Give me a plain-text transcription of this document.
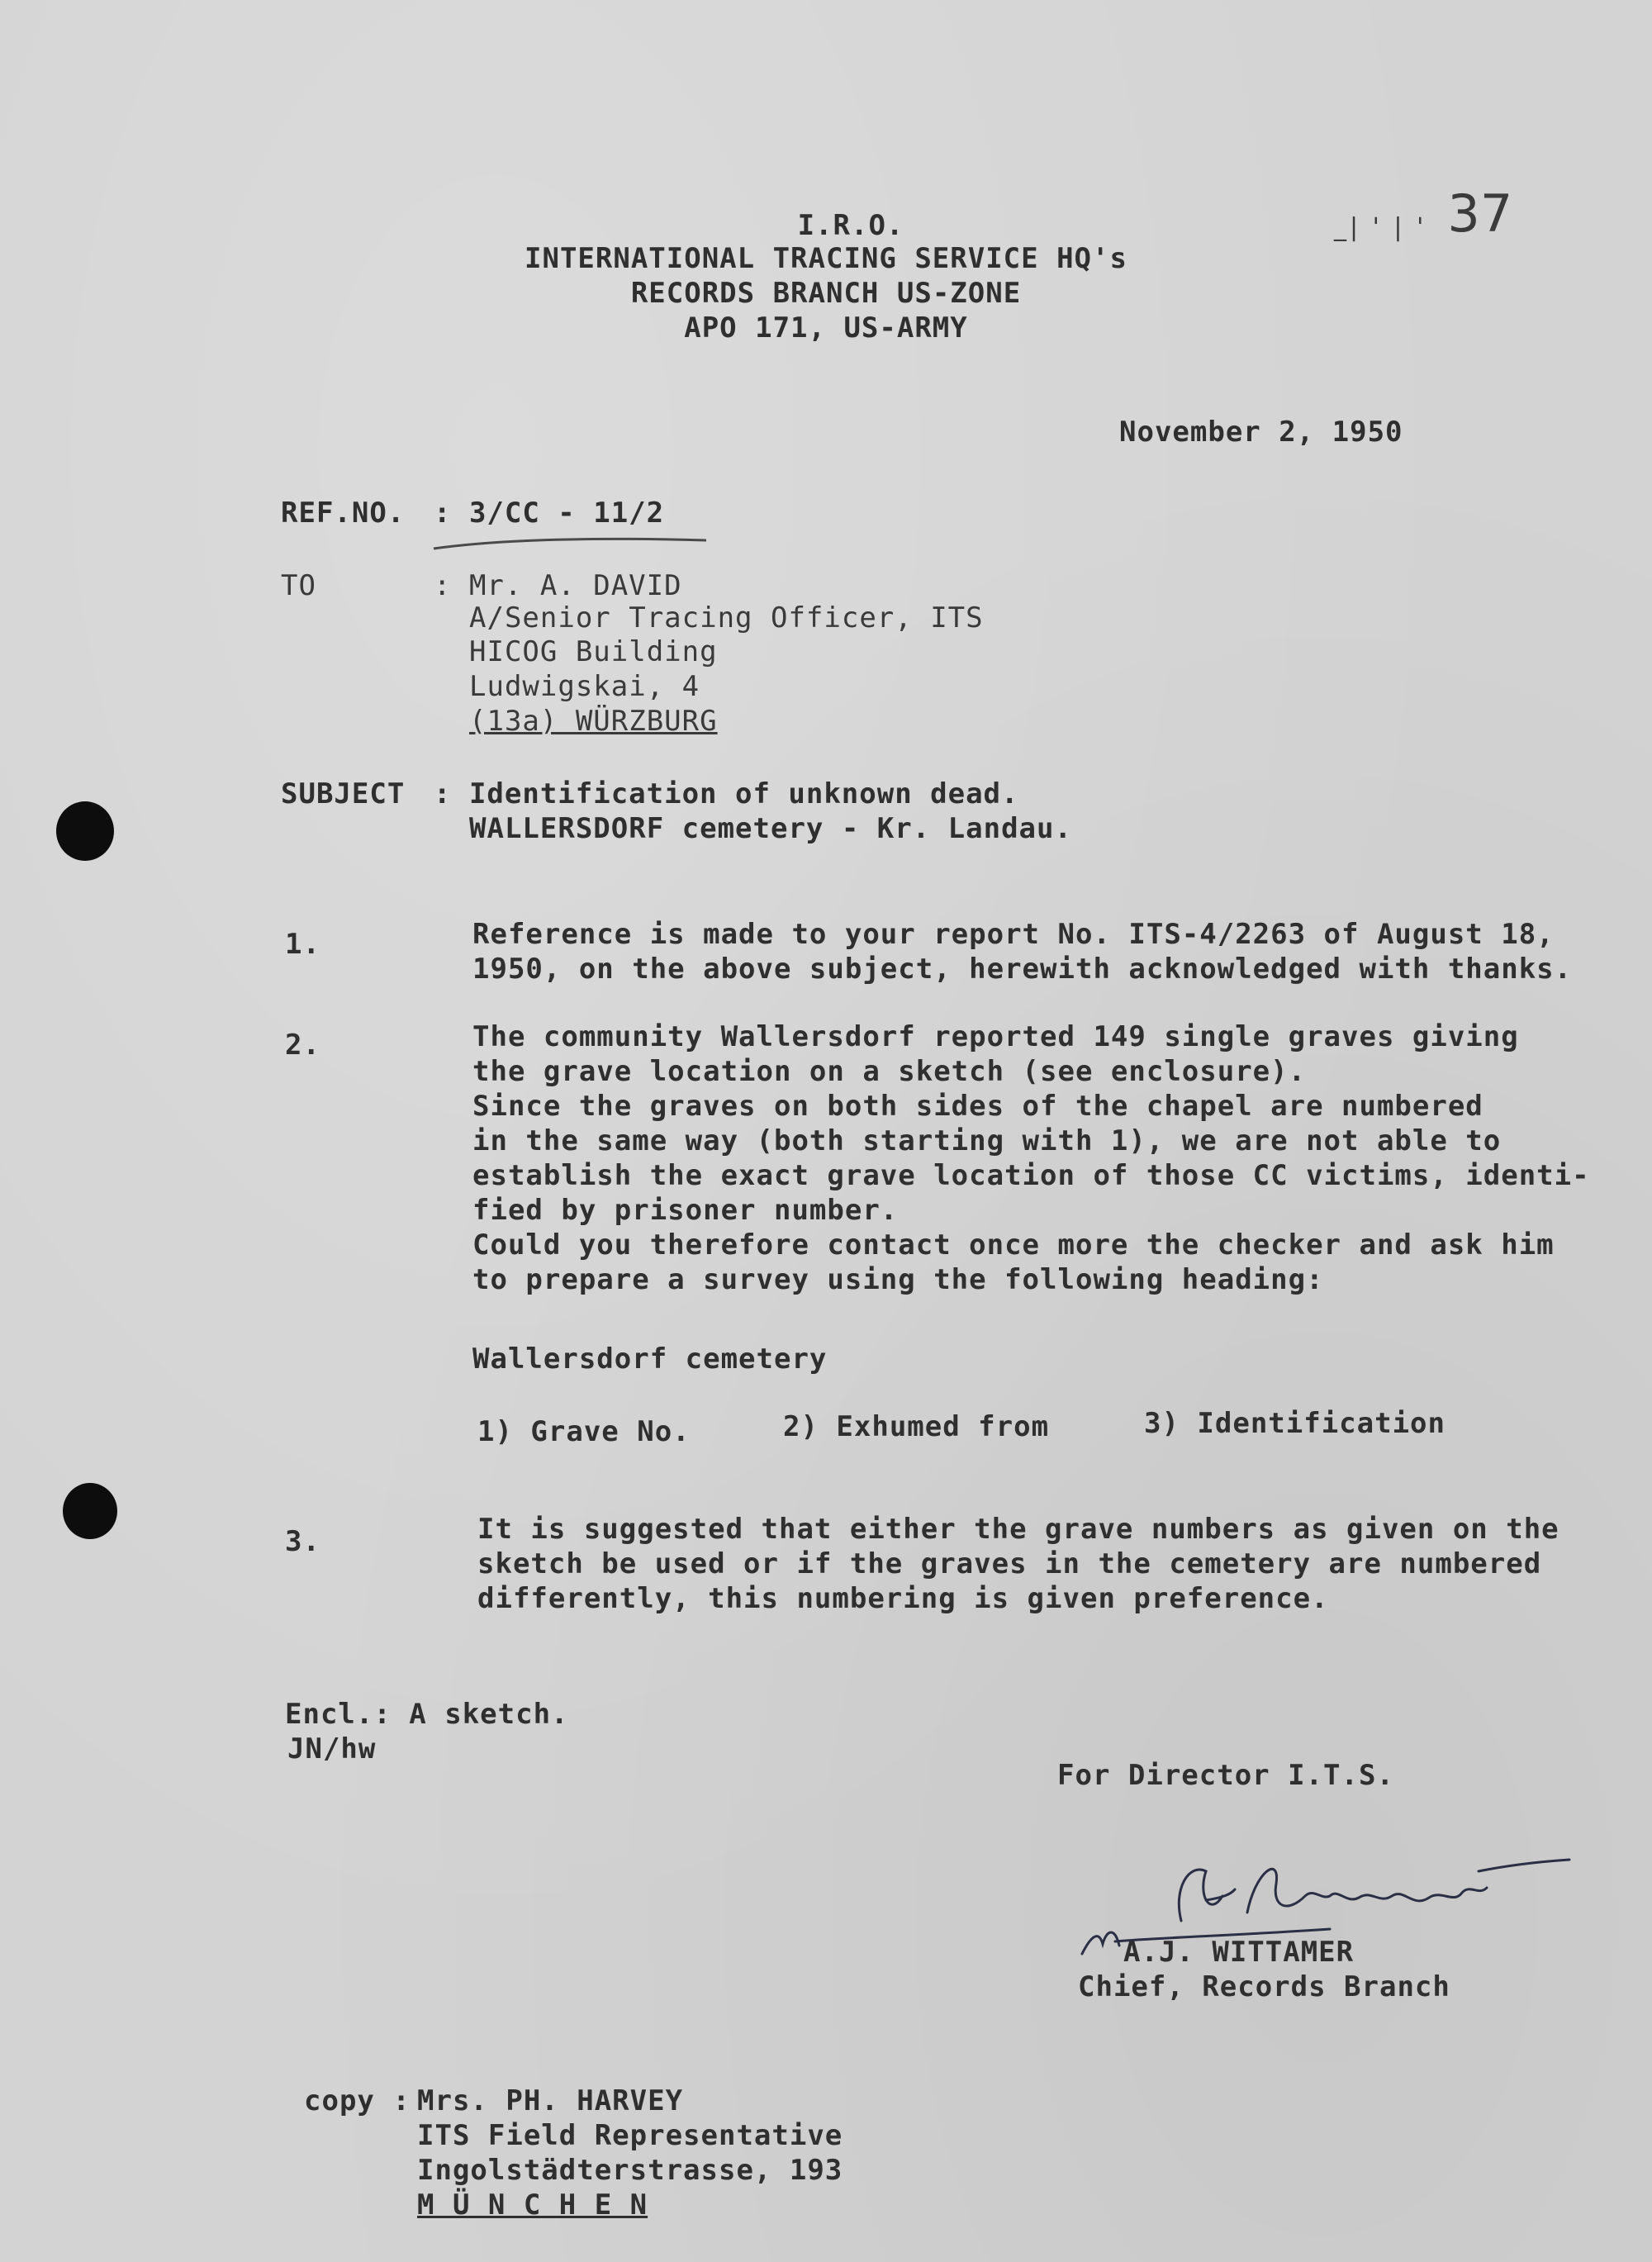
_| ' | ' 37
I.R.O.
INTERNATIONAL TRACING SERVICE HQ's
RECORDS BRANCH US-ZONE
APO 171, US-ARMY
November 2, 1950
REF.NO. : 3/CC - 11/2
TO	: Mr. A. DAVID
A/Senior Tracing Officer, ITS
HICOG Building
Ludwigskai, 4
(13a) WÜRZBURG
SUBJECT : Identification of unknown dead.
WALLERSDORF cemetery - Kr. Landau.
1.	Reference is made to your report No. ITS-4/2263 of August 18,
1950, on the above subject, herewith acknowledged with thanks.
2.	The community Wallersdorf reported 149 single graves giving
the grave location on a sketch (see enclosure).
Since the graves on both sides of the chapel are numbered
in the same way (both starting with 1), we are not able to
establish the exact grave location of those CC victims, identi-
fied by prisoner number.
Could you therefore contact once more the checker and ask him
to prepare a survey using the following heading:
Wallersdorf cemetery
1) Grave No.	2) Exhumed from	3) Identification
3.	It is suggested that either the grave numbers as given on the
sketch be used or if the graves in the cemetery are numbered
differently, this numbering is given preference.
Encl.: A sketch.
JN/hw
For Director I.T.S.
A.J. WITTAMER
Chief, Records Branch
copy : Mrs. PH. HARVEY
ITS Field Representative
Ingolstädterstrasse, 193
M Ü N C H E N
